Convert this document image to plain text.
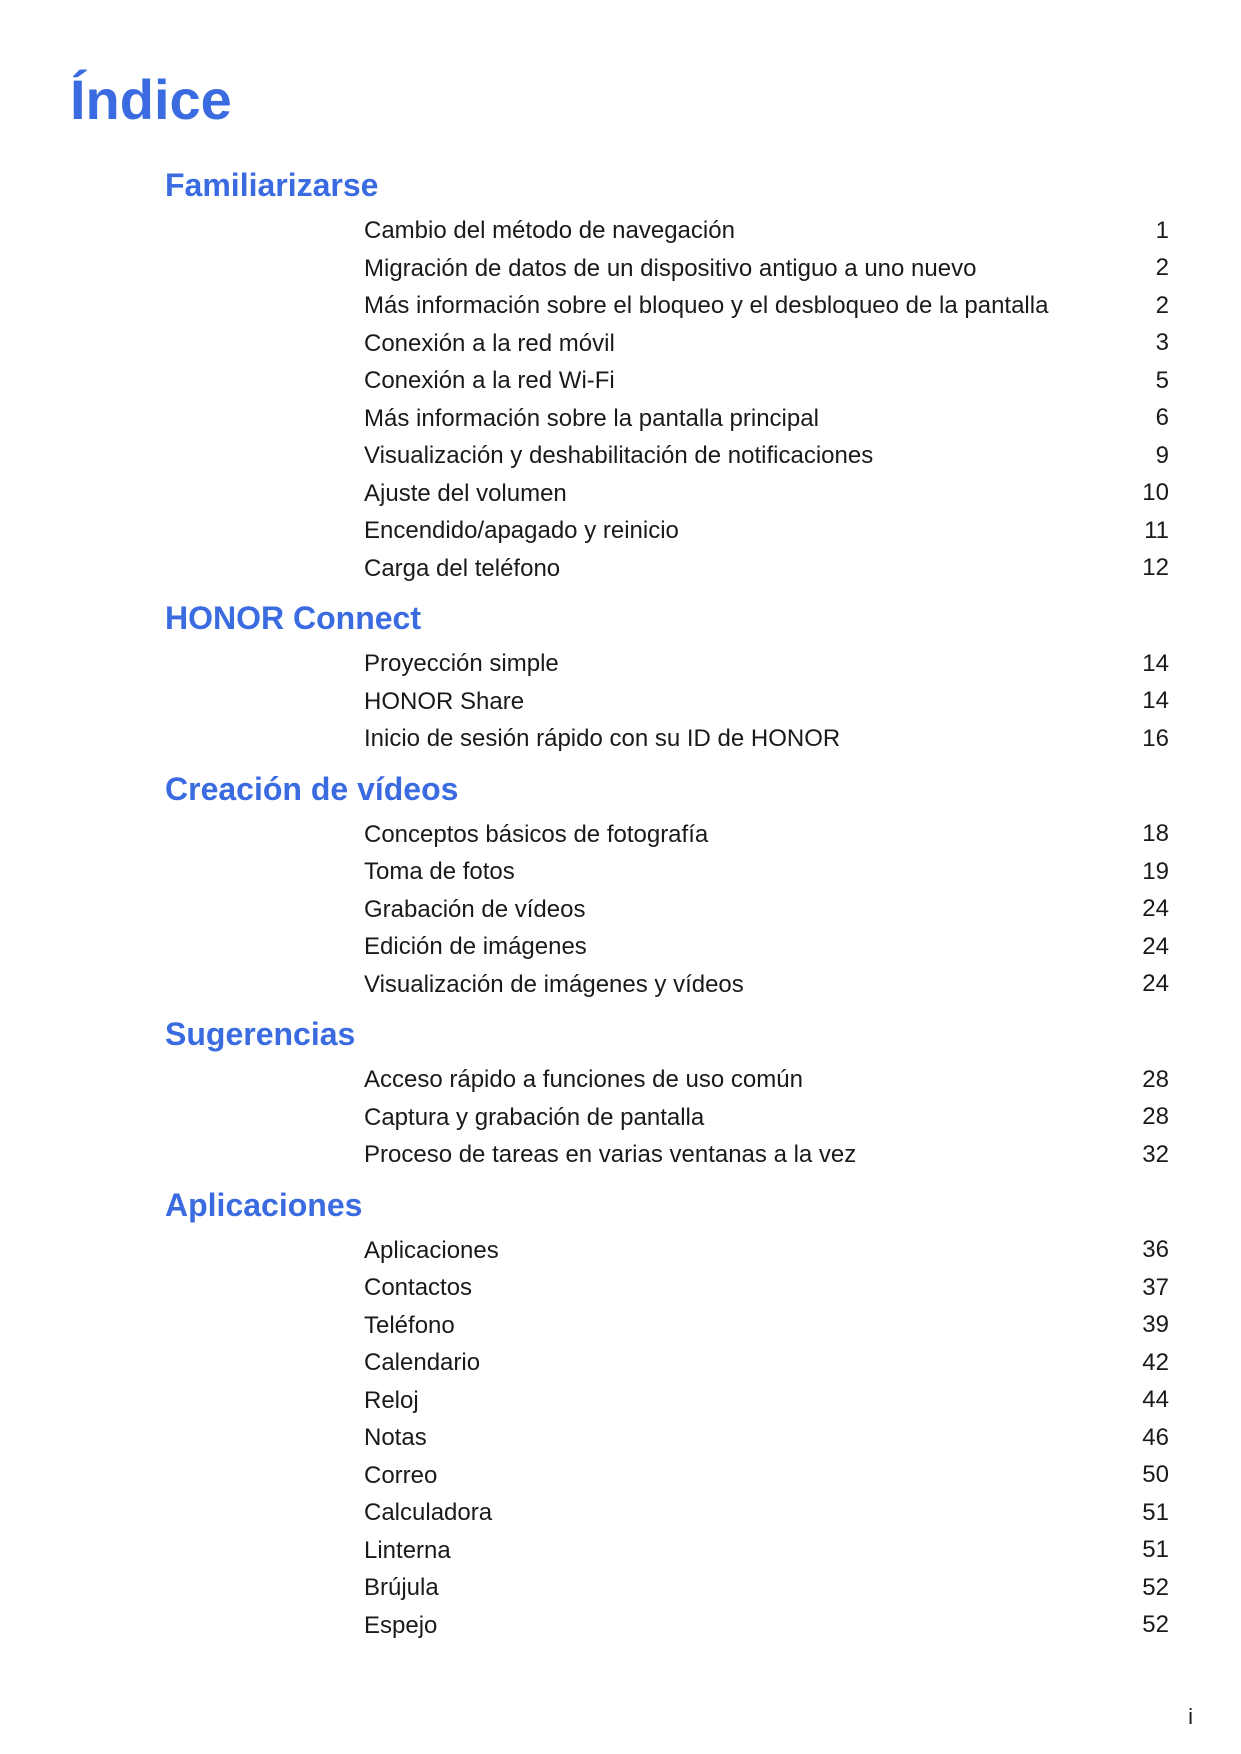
Índice
Familiarizarse
Cambio del método de navegación	1
Migración de datos de un dispositivo antiguo a uno nuevo	2
Más información sobre el bloqueo y el desbloqueo de la pantalla	2
Conexión a la red móvil	3
Conexión a la red Wi-Fi	5
Más información sobre la pantalla principal	6
Visualización y deshabilitación de notificaciones	9
Ajuste del volumen	10
Encendido/apagado y reinicio	11
Carga del teléfono	12
HONOR Connect
Proyección simple	14
HONOR Share	14
Inicio de sesión rápido con su ID de HONOR	16
Creación de vídeos
Conceptos básicos de fotografía	18
Toma de fotos	19
Grabación de vídeos	24
Edición de imágenes	24
Visualización de imágenes y vídeos	24
Sugerencias
Acceso rápido a funciones de uso común	28
Captura y grabación de pantalla	28
Proceso de tareas en varias ventanas a la vez	32
Aplicaciones
Aplicaciones	36
Contactos	37
Teléfono	39
Calendario	42
Reloj	44
Notas	46
Correo	50
Calculadora	51
Linterna	51
Brújula	52
Espejo	52
i
